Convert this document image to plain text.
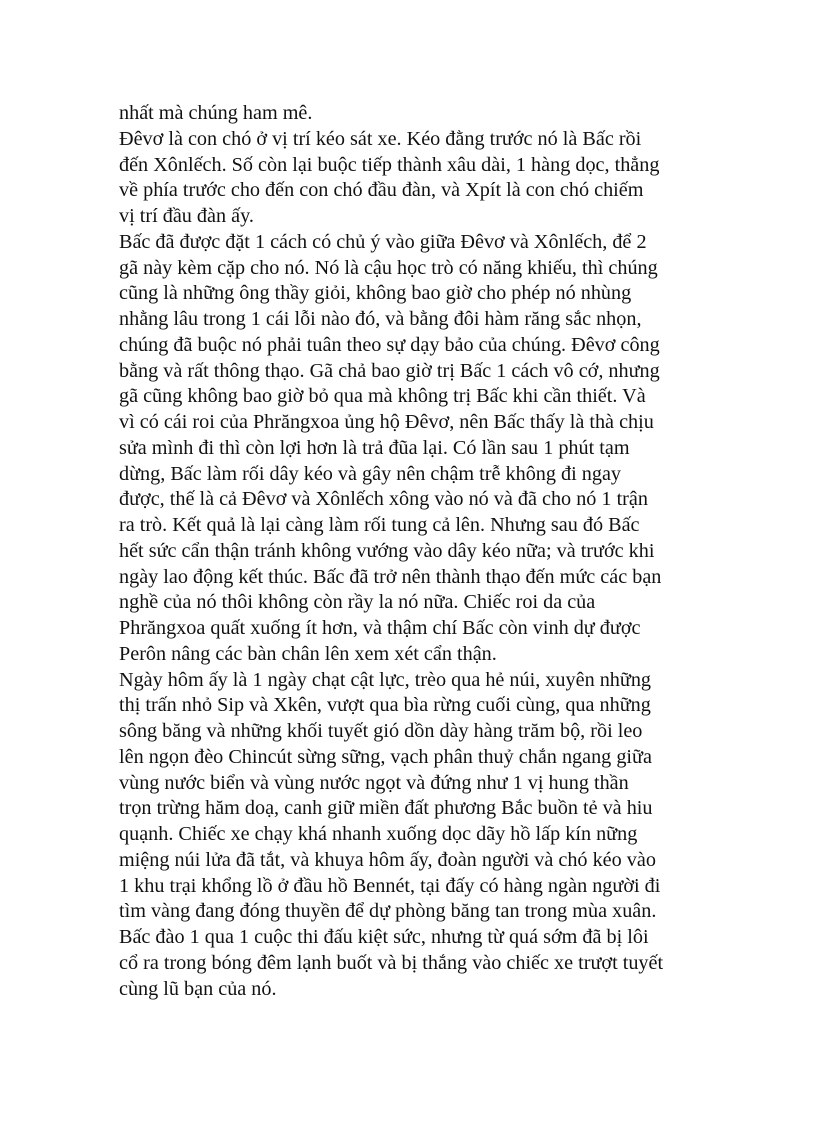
nhất mà chúng ham mê.
Đêvơ là con chó ở vị trí kéo sát xe. Kéo đằng trước nó là Bấc rồi
đến Xônlếch. Số còn lại buộc tiếp thành xâu dài, 1 hàng dọc, thẳng
về phía trước cho đến con chó đầu đàn, và Xpít là con chó chiếm
vị trí đầu đàn ấy.
Bấc đã được đặt 1 cách có chủ ý vào giữa Đêvơ và Xônlếch, để 2
gã này kèm cặp cho nó. Nó là cậu học trò có năng khiếu, thì chúng
cũng là những ông thầy giỏi, không bao giờ cho phép nó nhùng
nhằng lâu trong 1 cái lỗi nào đó, và bằng đôi hàm răng sắc nhọn,
chúng đã buộc nó phải tuân theo sự dạy bảo của chúng. Đêvơ công
bằng và rất thông thạo. Gã chả bao giờ trị Bấc 1 cách vô cớ, nhưng
gã cũng không bao giờ bỏ qua mà không trị Bấc khi cần thiết. Và
vì có cái roi của Phrăngxoa ủng hộ Đêvơ, nên Bấc thấy là thà chịu
sửa mình đi thì còn lợi hơn là trả đũa lại. Có lần sau 1 phút tạm
dừng, Bấc làm rối dây kéo và gây nên chậm trễ không đi ngay
được, thế là cả Đêvơ và Xônlếch xông vào nó và đã cho nó 1 trận
ra trò. Kết quả là lại càng làm rối tung cả lên. Nhưng sau đó Bấc
hết sức cẩn thận tránh không vướng vào dây kéo nữa; và trước khi
ngày lao động kết thúc. Bấc đã trở nên thành thạo đến mức các bạn
nghề của nó thôi không còn rầy la nó nữa. Chiếc roi da của
Phrăngxoa quất xuống ít hơn, và thậm chí Bấc còn vinh dự được
Perôn nâng các bàn chân lên xem xét cẩn thận.
Ngày hôm ấy là 1 ngày chạt cật lực, trèo qua hẻ núi, xuyên những
thị trấn nhỏ Sip và Xkên, vượt qua bìa rừng cuối cùng, qua những
sông băng và những khối tuyết gió dồn dày hàng trăm bộ, rồi leo
lên ngọn đèo Chincút sừng sững, vạch phân thuỷ chắn ngang giữa
vùng nước biển và vùng nước ngọt và đứng như 1 vị hung thần
trọn trừng hăm doạ, canh giữ miền đất phương Bắc buồn tẻ và hiu
quạnh. Chiếc xe chạy khá nhanh xuống dọc dãy hồ lấp kín nững
miệng núi lửa đã tắt, và khuya hôm ấy, đoàn người và chó kéo vào
1 khu trại khổng lồ ở đầu hồ Bennét, tại đấy có hàng ngàn người đi
tìm vàng đang đóng thuyền để dự phòng băng tan trong mùa xuân.
Bấc đào 1 qua 1 cuộc thi đấu kiệt sức, nhưng từ quá sớm đã bị lôi
cổ ra trong bóng đêm lạnh buốt và bị thắng vào chiếc xe trượt tuyết
cùng lũ bạn của nó.
